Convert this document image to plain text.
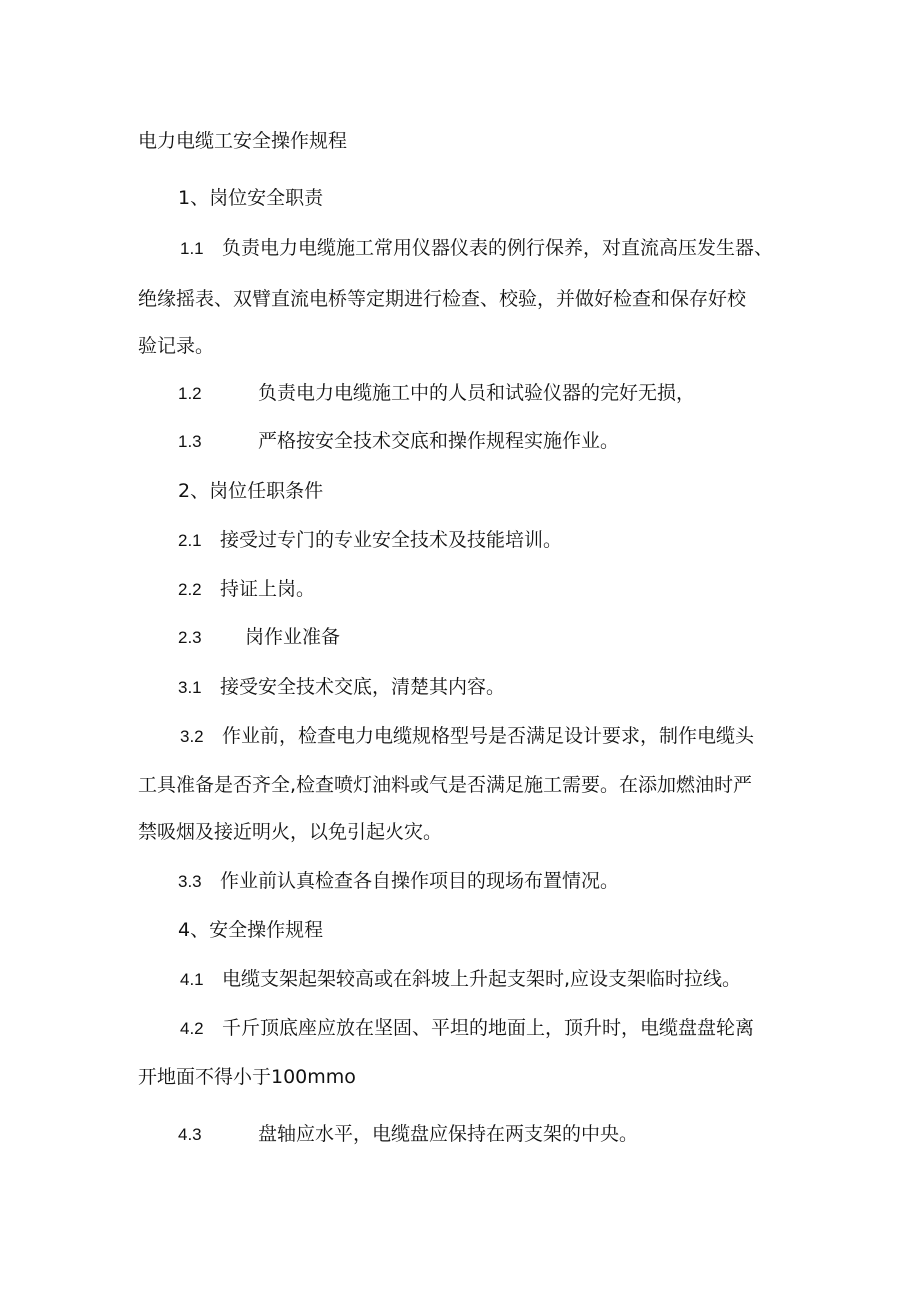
电力电缆工安全操作规程
1、岗位安全职责
1.1 负责电力电缆施工常用仪器仪表的例行保养，对直流高压发生器、
绝缘摇表、双臂直流电桥等定期进行检查、校验，并做好检查和保存好校
验记录。
1.2	负责电力电缆施工中的人员和试验仪器的完好无损，
1.3	严格按安全技术交底和操作规程实施作业。
2、岗位任职条件
2.1 接受过专门的专业安全技术及技能培训。
2.2 持证上岗。
2.3 岗作业准备
3.1 接受安全技术交底，清楚其内容。
3.2 作业前，检查电力电缆规格型号是否满足设计要求，制作电缆头
工具准备是否齐全,检查喷灯油料或气是否满足施工需要。在添加燃油时严
禁吸烟及接近明火，以免引起火灾。
3.3 作业前认真检查各自操作项目的现场布置情况。
4、安全操作规程
4.1 电缆支架起架较高或在斜坡上升起支架时,应设支架临时拉线。
4.2 千斤顶底座应放在坚固、平坦的地面上，顶升时，电缆盘盘轮离
开地面不得小于100mmo
4.3	盘轴应水平，电缆盘应保持在两支架的中央。
